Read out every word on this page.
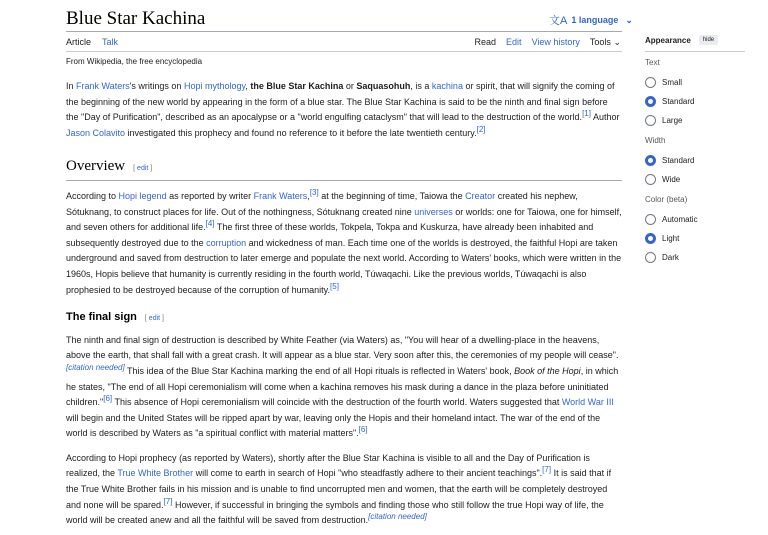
Blue Star Kachina	文A 1 language ⌄
Article Talk	Read Edit View history Tools ⌄
From Wikipedia, the free encyclopedia

In Frank Waters's writings on Hopi mythology, the Blue Star Kachina or Saquasohuh, is a kachina or spirit, that will signify the coming of the beginning of the new world by appearing in the form of a blue star. The Blue Star Kachina is said to be the ninth and final sign before the "Day of Purification", described as an apocalypse or a "world engulfing cataclysm" that will lead to the destruction of the world.[1] Author Jason Colavito investigated this prophecy and found no reference to it before the late twentieth century.[2]

Overview [ edit ]

According to Hopi legend as reported by writer Frank Waters,[3] at the beginning of time, Taiowa the Creator created his nephew, Sótuknang, to construct places for life. Out of the nothingness, Sótuknang created nine universes or worlds: one for Taiowa, one for himself, and seven others for additional life.[4] The first three of these worlds, Tokpela, Tokpa and Kuskurza, have already been inhabited and subsequently destroyed due to the corruption and wickedness of man. Each time one of the worlds is destroyed, the faithful Hopi are taken underground and saved from destruction to later emerge and populate the next world. According to Waters' books, which were written in the 1960s, Hopis believe that humanity is currently residing in the fourth world, Túwaqachi. Like the previous worlds, Túwaqachi is also prophesied to be destroyed because of the corruption of humanity.[5]

The final sign [ edit ]

The ninth and final sign of destruction is described by White Feather (via Waters) as, "You will hear of a dwelling-place in the heavens, above the earth, that shall fall with a great crash. It will appear as a blue star. Very soon after this, the ceremonies of my people will cease".[citation needed] This idea of the Blue Star Kachina marking the end of all Hopi rituals is reflected in Waters' book, Book of the Hopi, in which he states, "The end of all Hopi ceremonialism will come when a kachina removes his mask during a dance in the plaza before uninitiated children."[6] This absence of Hopi ceremonialism will coincide with the destruction of the fourth world. Waters suggested that World War III will begin and the United States will be ripped apart by war, leaving only the Hopis and their homeland intact. The war of the end of the world is described by Waters as "a spiritual conflict with material matters".[6]

According to Hopi prophecy (as reported by Waters), shortly after the Blue Star Kachina is visible to all and the Day of Purification is realized, the True White Brother will come to earth in search of Hopi "who steadfastly adhere to their ancient teachings".[7] It is said that if the True White Brother fails in his mission and is unable to find uncorrupted men and women, that the earth will be completely destroyed and none will be spared.[7] However, if successful in bringing the symbols and finding those who still follow the true Hopi way of life, the world will be created anew and all the faithful will be saved from destruction.[citation needed]

Appearance	hide
Text
Small
Standard
Large
Width
Standard
Wide
Color (beta)
Automatic
Light
Dark
